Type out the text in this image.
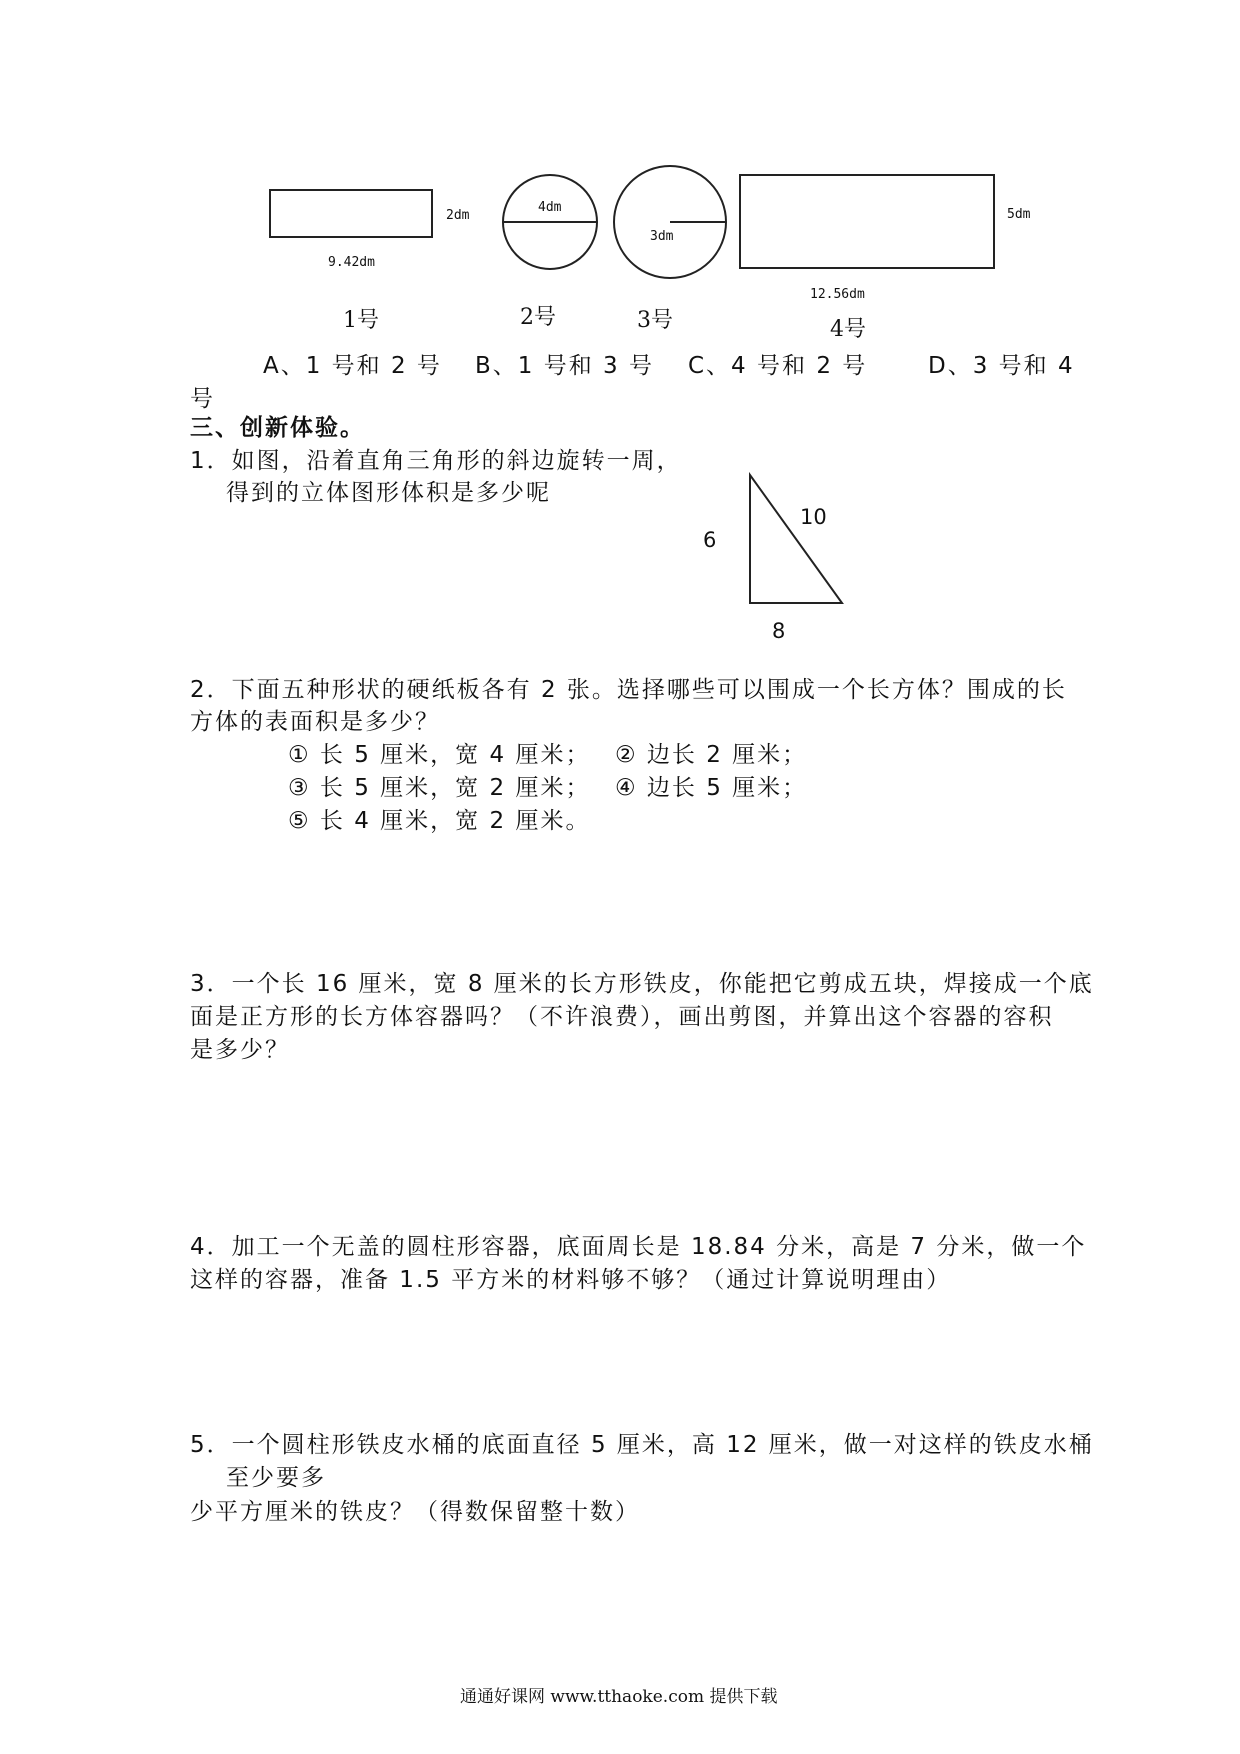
2dm
9.42dm
1号
4dm
2号
3dm
3号
5dm
12.56dm
4号
A、1 号和 2 号 B、1 号和 3 号 C、4 号和 2 号	D、3 号和 4
号
三、创新体验。
1．如图，沿着直角三角形的斜边旋转一周，
得到的立体图形体积是多少呢
6
10
8
2．下面五种形状的硬纸板各有 2 张。选择哪些可以围成一个长方体？围成的长
方体的表面积是多少？
① 长 5 厘米，宽 4 厘米； ② 边长 2 厘米；
③ 长 5 厘米，宽 2 厘米； ④ 边长 5 厘米；
⑤ 长 4 厘米，宽 2 厘米。
3．一个长 16 厘米，宽 8 厘米的长方形铁皮，你能把它剪成五块，焊接成一个底
面是正方形的长方体容器吗？（不许浪费），画出剪图，并算出这个容器的容积
是多少？
4．加工一个无盖的圆柱形容器，底面周长是 18.84 分米，高是 7 分米，做一个
这样的容器，准备 1.5 平方米的材料够不够？（通过计算说明理由）
5．一个圆柱形铁皮水桶的底面直径 5 厘米，高 12 厘米，做一对这样的铁皮水桶
至少要多
少平方厘米的铁皮？（得数保留整十数）
通通好课网 www.tthaoke.com 提供下载
